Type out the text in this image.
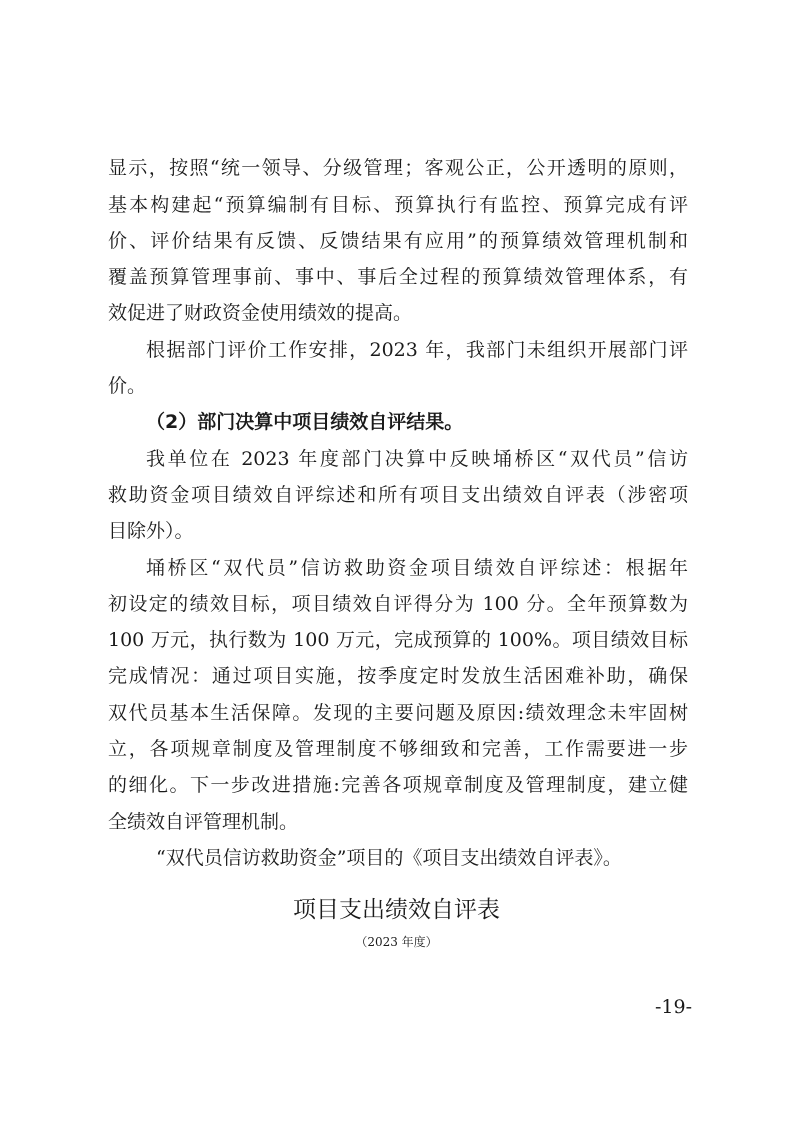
显示，按照“统一领导、分级管理；客观公正，公开透明的原则，

基本构建起“预算编制有目标、预算执行有监控、预算完成有评

价、评价结果有反馈、反馈结果有应用”的预算绩效管理机制和

覆盖预算管理事前、事中、事后全过程的预算绩效管理体系，有

效促进了财政资金使用绩效的提高。

根据部门评价工作安排，2023 年，我部门未组织开展部门评

价。

（2）部门决算中项目绩效自评结果。

我单位在 2023 年度部门决算中反映埇桥区“双代员”信访

救助资金项目绩效自评综述和所有项目支出绩效自评表（涉密项

目除外）。

埇桥区“双代员”信访救助资金项目绩效自评综述：根据年

初设定的绩效目标，项目绩效自评得分为 100 分。全年预算数为

100 万元，执行数为 100 万元，完成预算的 100%。项目绩效目标

完成情况：通过项目实施，按季度定时发放生活困难补助，确保

双代员基本生活保障。发现的主要问题及原因:绩效理念未牢固树

立，各项规章制度及管理制度不够细致和完善，工作需要进一步

的细化。下一步改进措施:完善各项规章制度及管理制度，建立健

全绩效自评管理机制。

“双代员信访救助资金”项目的《项目支出绩效自评表》。

项目支出绩效自评表

（2023 年度）

-19-
